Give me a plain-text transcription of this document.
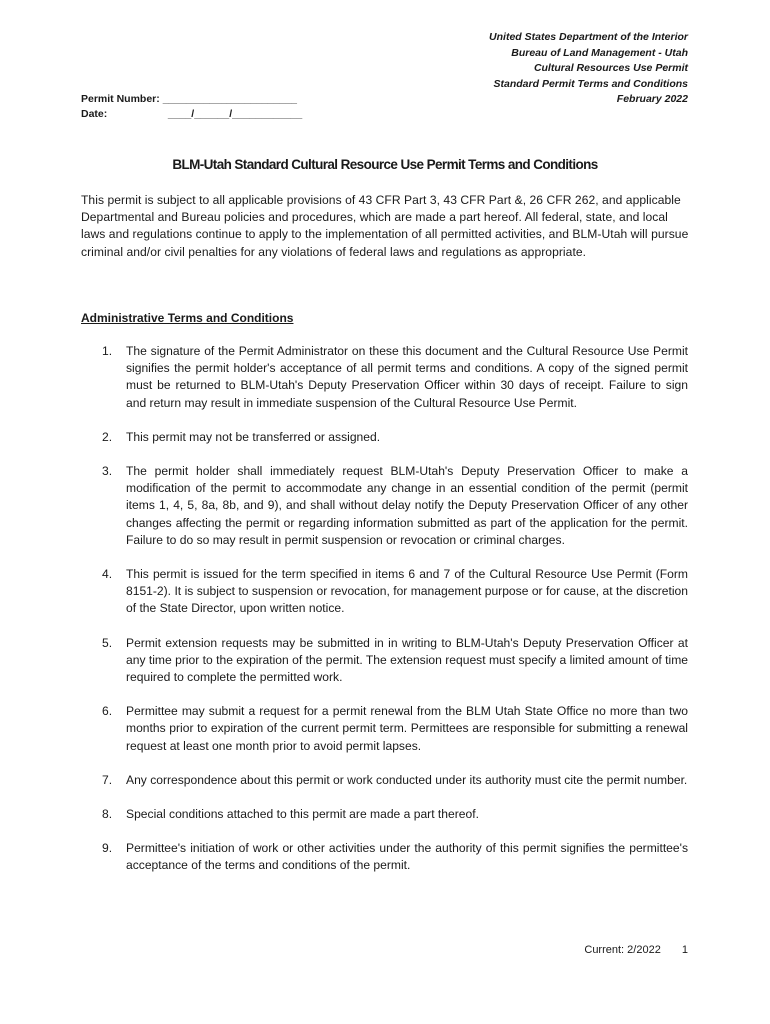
United States Department of the Interior
Bureau of Land Management - Utah
Cultural Resources Use Permit
Standard Permit Terms and Conditions
February 2022
Permit Number: _______________________
Date:	____/______/____________
BLM-Utah Standard Cultural Resource Use Permit Terms and Conditions

This permit is subject to all applicable provisions of 43 CFR Part 3, 43 CFR Part &, 26 CFR 262, and applicable Departmental and Bureau policies and procedures, which are made a part hereof. All federal, state, and local laws and regulations continue to apply to the implementation of all permitted activities, and BLM-Utah will pursue criminal and/or civil penalties for any violations of federal laws and regulations as appropriate.

Administrative Terms and Conditions
1. The signature of the Permit Administrator on these this document and the Cultural Resource Use Permit signifies the permit holder's acceptance of all permit terms and conditions. A copy of the signed permit must be returned to BLM-Utah's Deputy Preservation Officer within 30 days of receipt. Failure to sign and return may result in immediate suspension of the Cultural Resource Use Permit.
2. This permit may not be transferred or assigned.
3. The permit holder shall immediately request BLM-Utah's Deputy Preservation Officer to make a modification of the permit to accommodate any change in an essential condition of the permit (permit items 1, 4, 5, 8a, 8b, and 9), and shall without delay notify the Deputy Preservation Officer of any other changes affecting the permit or regarding information submitted as part of the application for the permit. Failure to do so may result in permit suspension or revocation or criminal charges.
4. This permit is issued for the term specified in items 6 and 7 of the Cultural Resource Use Permit (Form 8151-2). It is subject to suspension or revocation, for management purpose or for cause, at the discretion of the State Director, upon written notice.
5. Permit extension requests may be submitted in in writing to BLM-Utah's Deputy Preservation Officer at any time prior to the expiration of the permit. The extension request must specify a limited amount of time required to complete the permitted work.
6. Permittee may submit a request for a permit renewal from the BLM Utah State Office no more than two months prior to expiration of the current permit term. Permittees are responsible for submitting a renewal request at least one month prior to avoid permit lapses.
7. Any correspondence about this permit or work conducted under its authority must cite the permit number.
8. Special conditions attached to this permit are made a part thereof.
9. Permittee's initiation of work or other activities under the authority of this permit signifies the permittee's acceptance of the terms and conditions of the permit.
Current: 2/2022 1
